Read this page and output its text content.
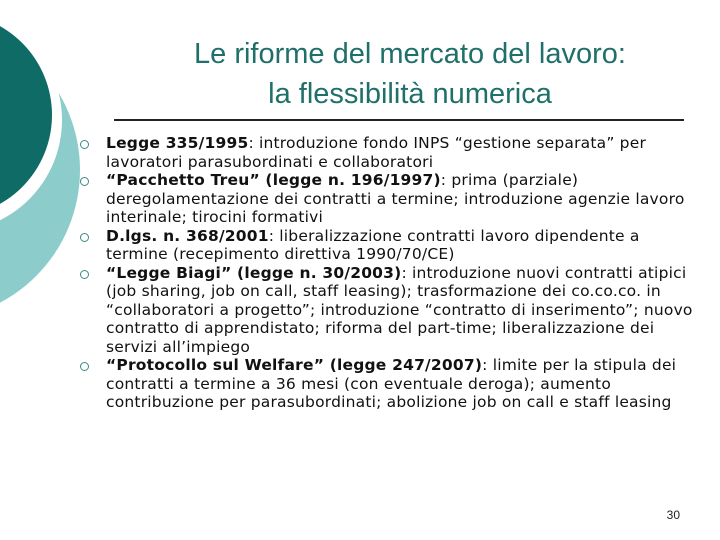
Le riforme del mercato del lavoro:
la flessibilità numerica
Legge 335/1995: introduzione fondo INPS “gestione separata” per lavoratori parasubordinati e collaboratori
“Pacchetto Treu” (legge n. 196/1997): prima (parziale) deregolamentazione dei contratti a termine; introduzione agenzie lavoro interinale; tirocini formativi
D.lgs. n. 368/2001: liberalizzazione contratti lavoro dipendente a termine (recepimento direttiva 1990/70/CE)
“Legge Biagi” (legge n. 30/2003): introduzione nuovi contratti atipici (job sharing, job on call, staff leasing); trasformazione dei co.co.co. in “collaboratori a progetto”; introduzione “contratto di inserimento”; nuovo contratto di apprendistato; riforma del part-time; liberalizzazione dei servizi all’impiego
“Protocollo sul Welfare” (legge 247/2007): limite per la stipula dei contratti a termine a 36 mesi (con eventuale deroga); aumento contribuzione per parasubordinati; abolizione job on call e staff leasing
30
